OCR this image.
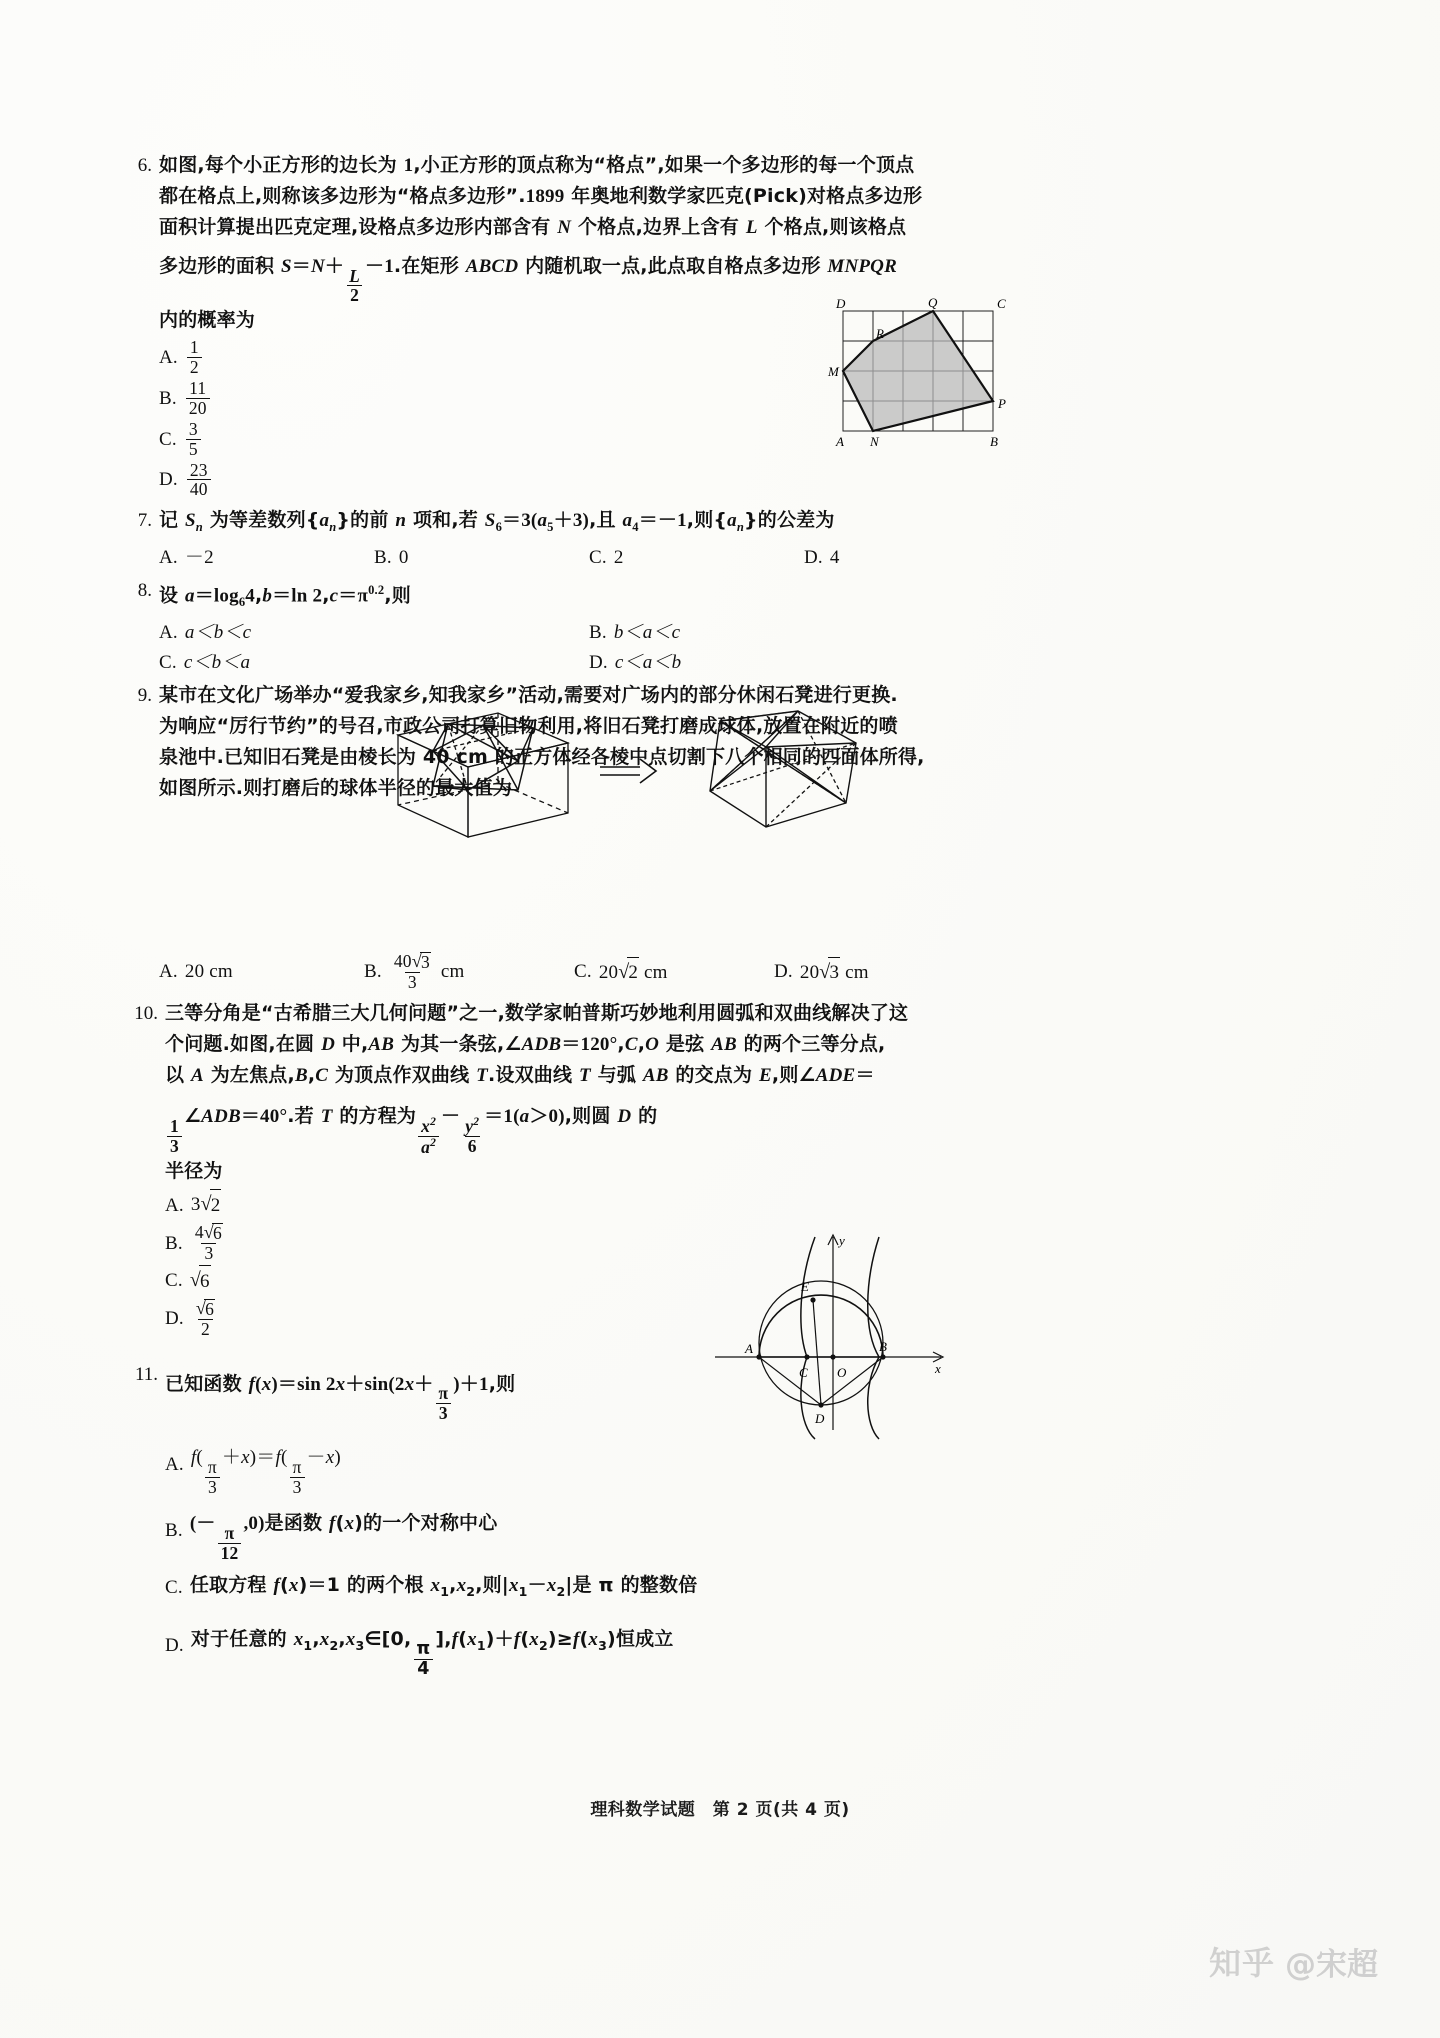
6. 如图,每个小正方形的边长为 1,小正方形的顶点称为“格点”,如果一个多边形的每一个顶点
都在格点上,则称该多边形为“格点多边形”.1899 年奥地利数学家匹克(Pick)对格点多边形
面积计算提出匹克定理,设格点多边形内部含有 N 个格点,边界上含有 L 个格点,则该格点
多边形的面积 S＝N＋
$\frac{L}{2}$
－1.在矩形 ABCD 内随机取一点,此点取自格点多边形 MNPQR
内的概率为
A. $\frac{1}{2}$
B. $\frac{11}{20}$
C. $\frac{3}{5}$
D. $\frac{23}{40}$
D	Q	C
R
M
P
A N	B
7. 记 $S_n$ 为等差数列$\{a_n\}$的前 n 项和,若 $S_6=3(a_5+3)$,且 $a_4=-1$,则$\{a_n\}$的公差为
A. －2	B. 0	C. 2	D. 4
8. 设 $a=\log_64,b=\ln$ $2,c=\pi^{0.2}$,则
A. a＜b＜c	B. b＜a＜c
C. c＜b＜a	D. c＜a＜b
9. 某市在文化广场举办“爱我家乡,知我家乡”活动,需要对广场内的部分休闲石凳进行更换.
为响应“厉行节约”的号召,市政公司打算旧物利用,将旧石凳打磨成球体,放置在附近的喷
泉池中.已知旧石凳是由棱长为 40 cm 的正方体经各棱中点切割下八个相同的四面体所得,
如图所示.则打磨后的球体半径的最大值为
A. 20 cm	B. $\frac{40 √ 3}{3}$ cm	C. 20 √ 2 cm	D. 20 √ 3 cm
10. 三等分角是“古希腊三大几何问题”之一,数学家帕普斯巧妙地利用圆弧和双曲线解决了这
个问题.如图,在圆 D 中,AB 为其一条弦,∠ADB＝120°,C,O 是弦 AB 的两个三等分点,
以 A 为左焦点,B,C 为顶点作双曲线 T.设双曲线 T 与弧 AB 的交点为 E,则∠ADE＝
$\frac{1}{3}$
∠ADB＝40°.若 T 的方程为 $\frac{x^2}{a^2} - \frac{y^2}{6} =1(a>0)$,则圆 D 的
半径为
A. 3 √ 2
B. $\frac{4 √ 6}{3}$
C. √ 6
D. $\frac{√ 6}{2}$
y
x
E
A
C O
B
D
11. 已知函数 f(x)＝sin 2x＋sin(2x＋
$\frac{\pi}{3}$
)＋1,则
A. f(
$\frac{\pi}{3}$
＋x)＝f(
$\frac{\pi}{3}$
－x)
B. (－
$\frac{\pi}{12}$
,0)是函数 f(x)的一个对称中心
C. 任取方程 f(x)＝1 的两个根 $x_1,x_2$,则$|x_1-x_2|$是 π 的整数倍
D. 对于任意的 $x_1,x_2,x_3\in[0$,
$\frac{\pi}{4}$
]$,f(x_1)+f(x_2)\ge f(x_3)$恒成立
理科数学试题　第 2 页(共 4 页)
知乎 @宋超
